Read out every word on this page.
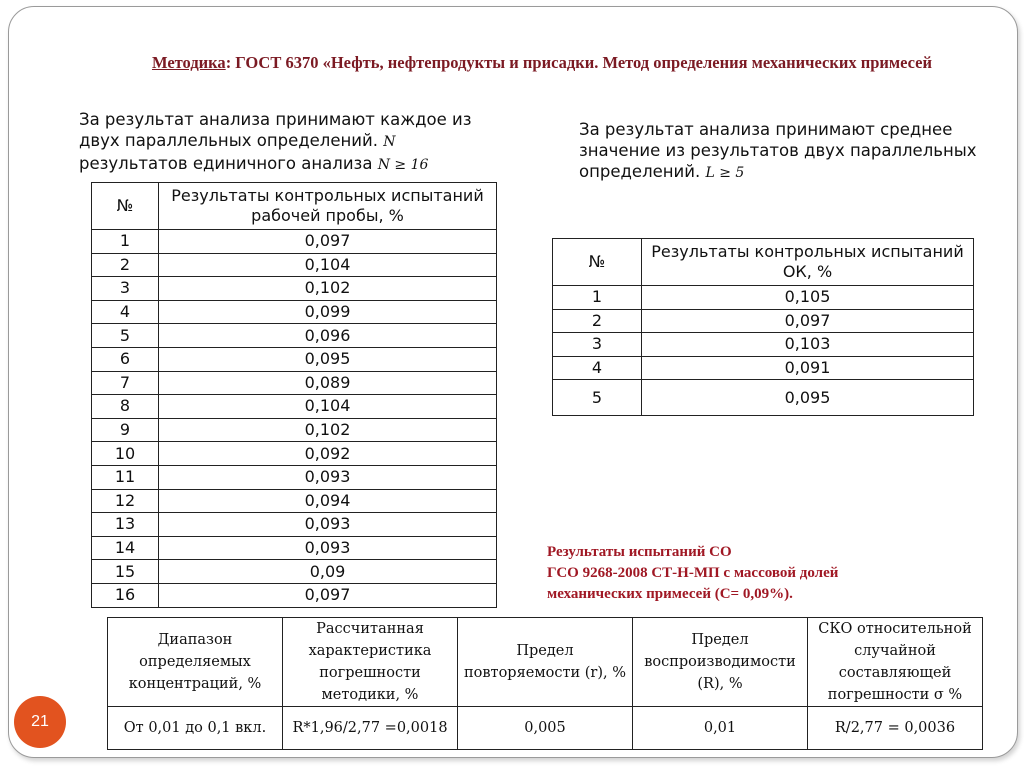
Методика: ГОСТ 6370 «Нефть, нефтепродукты и присадки. Метод определения механических примесей
За результат анализа принимают каждое из двух параллельных определений. N результатов единичного анализа N ≥ 16
За результат анализа принимают среднее значение из результатов двух параллельных определений. L ≥ 5
№	Результаты контрольных испытаний рабочей пробы, %
1	0,097
2	0,104
3	0,102
4	0,099
5	0,096
6	0,095
7	0,089
8	0,104
9	0,102
10	0,092
11	0,093
12	0,094
13	0,093
14	0,093
15	0,09
16	0,097
№	Результаты контрольных испытаний ОК, %
1	0,105
2	0,097
3	0,103
4	0,091
5	0,095
Результаты испытаний СО
ГСО 9268-2008 СТ-Н-МП с массовой долей
механических примесей (С= 0,09%).
Диапазон определяемых концентраций, %	Рассчитанная характеристика погрешности методики, %	Предел повторяемости (r), %	Предел воспроизводимости (R), %	СКО относительной случайной составляющей погрешности σ %
От 0,01 до 0,1 вкл.	R*1,96/2,77 =0,0018	0,005	0,01	R/2,77 = 0,0036
21
